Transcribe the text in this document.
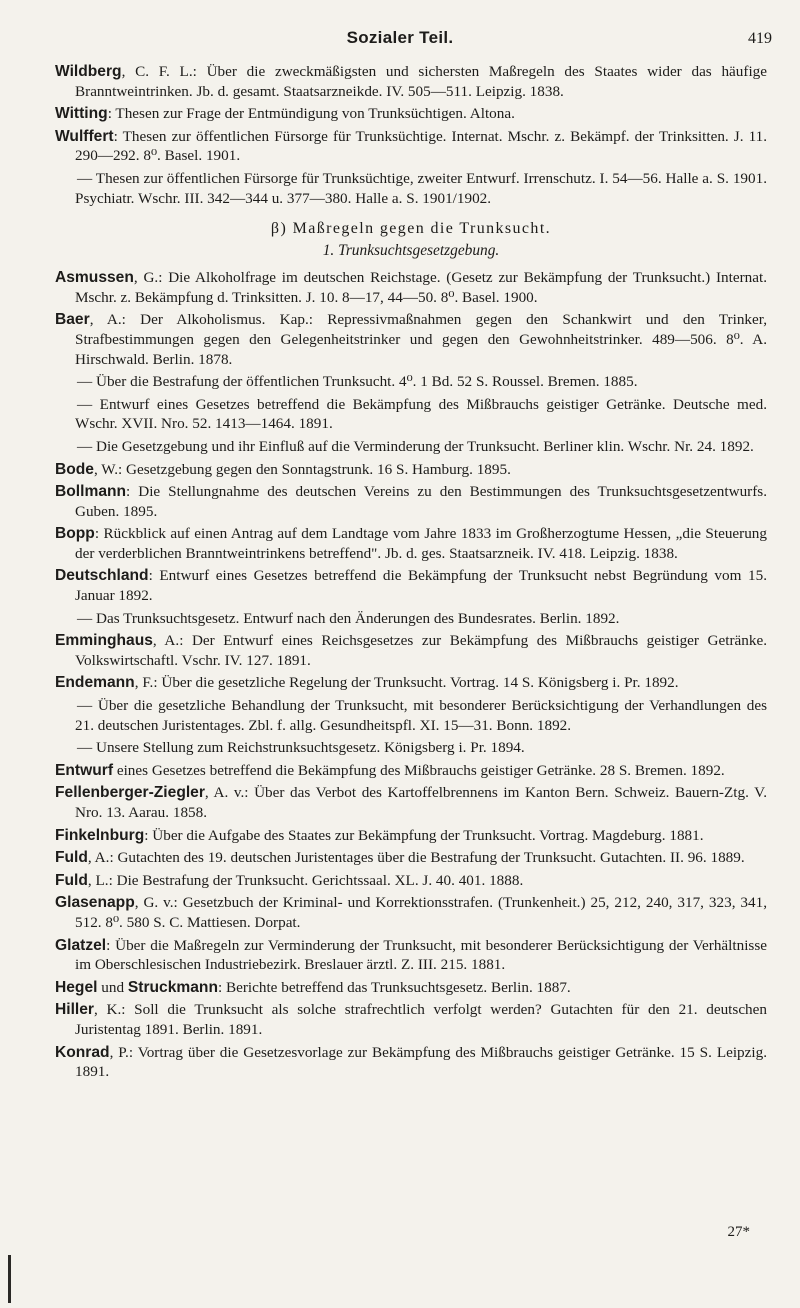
Sozialer Teil.	419
Wildberg, C. F. L.: Über die zweckmäßigsten und sichersten Maßregeln des Staates wider das häufige Branntweintrinken. Jb. d. gesamt. Staatsarzneikde. IV. 505—511. Leipzig. 1838.
Witting: Thesen zur Frage der Entmündigung von Trunksüchtigen. Altona.
Wulffert: Thesen zur öffentlichen Fürsorge für Trunksüchtige. Internat. Mschr. z. Bekämpf. der Trinksitten. J. 11. 290—292. 8⁰. Basel. 1901.
— Thesen zur öffentlichen Fürsorge für Trunksüchtige, zweiter Entwurf. Irrenschutz. I. 54—56. Halle a. S. 1901. Psychiatr. Wschr. III. 342—344 u. 377—380. Halle a. S. 1901/1902.
β) Maßregeln gegen die Trunksucht.
1. Trunksuchtsgesetzgebung.
Asmussen, G.: Die Alkoholfrage im deutschen Reichstage. (Gesetz zur Bekämpfung der Trunksucht.) Internat. Mschr. z. Bekämpfung d. Trinksitten. J. 10. 8—17, 44—50. 8⁰. Basel. 1900.
Baer, A.: Der Alkoholismus. Kap.: Repressivmaßnahmen gegen den Schankwirt und den Trinker, Strafbestimmungen gegen den Gelegenheitstrinker und gegen den Gewohnheitstrinker. 489—506. 8⁰. A. Hirschwald. Berlin. 1878.
— Über die Bestrafung der öffentlichen Trunksucht. 4⁰. 1 Bd. 52 S. Roussel. Bremen. 1885.
— Entwurf eines Gesetzes betreffend die Bekämpfung des Mißbrauchs geistiger Getränke. Deutsche med. Wschr. XVII. Nro. 52. 1413—1464. 1891.
— Die Gesetzgebung und ihr Einfluß auf die Verminderung der Trunksucht. Berliner klin. Wschr. Nr. 24. 1892.
Bode, W.: Gesetzgebung gegen den Sonntagstrunk. 16 S. Hamburg. 1895.
Bollmann: Die Stellungnahme des deutschen Vereins zu den Bestimmungen des Trunksuchtsgesetzentwurfs. Guben. 1895.
Bopp: Rückblick auf einen Antrag auf dem Landtage vom Jahre 1833 im Großherzogtume Hessen, „die Steuerung der verderblichen Branntweintrinkens betreffend". Jb. d. ges. Staatsarzneik. IV. 418. Leipzig. 1838.
Deutschland: Entwurf eines Gesetzes betreffend die Bekämpfung der Trunksucht nebst Begründung vom 15. Januar 1892.
— Das Trunksuchtsgesetz. Entwurf nach den Änderungen des Bundesrates. Berlin. 1892.
Emminghaus, A.: Der Entwurf eines Reichsgesetzes zur Bekämpfung des Mißbrauchs geistiger Getränke. Volkswirtschaftl. Vschr. IV. 127. 1891.
Endemann, F.: Über die gesetzliche Regelung der Trunksucht. Vortrag. 14 S. Königsberg i. Pr. 1892.
— Über die gesetzliche Behandlung der Trunksucht, mit besonderer Berücksichtigung der Verhandlungen des 21. deutschen Juristentages. Zbl. f. allg. Gesundheitspfl. XI. 15—31. Bonn. 1892.
— Unsere Stellung zum Reichstrunksuchtsgesetz. Königsberg i. Pr. 1894.
Entwurf eines Gesetzes betreffend die Bekämpfung des Mißbrauchs geistiger Getränke. 28 S. Bremen. 1892.
Fellenberger-Ziegler, A. v.: Über das Verbot des Kartoffelbrennens im Kanton Bern. Schweiz. Bauern-Ztg. V. Nro. 13. Aarau. 1858.
Finkelnburg: Über die Aufgabe des Staates zur Bekämpfung der Trunksucht. Vortrag. Magdeburg. 1881.
Fuld, A.: Gutachten des 19. deutschen Juristentages über die Bestrafung der Trunksucht. Gutachten. II. 96. 1889.
Fuld, L.: Die Bestrafung der Trunksucht. Gerichtssaal. XL. J. 40. 401. 1888.
Glasenapp, G. v.: Gesetzbuch der Kriminal- und Korrektionsstrafen. (Trunkenheit.) 25, 212, 240, 317, 323, 341, 512. 8⁰. 580 S. C. Mattiesen. Dorpat.
Glatzel: Über die Maßregeln zur Verminderung der Trunksucht, mit besonderer Berücksichtigung der Verhältnisse im Oberschlesischen Industriebezirk. Breslauer ärztl. Z. III. 215. 1881.
Hegel und Struckmann: Berichte betreffend das Trunksuchtsgesetz. Berlin. 1887.
Hiller, K.: Soll die Trunksucht als solche strafrechtlich verfolgt werden? Gutachten für den 21. deutschen Juristentag 1891. Berlin. 1891.
Konrad, P.: Vortrag über die Gesetzesvorlage zur Bekämpfung des Mißbrauchs geistiger Getränke. 15 S. Leipzig. 1891.
27*
